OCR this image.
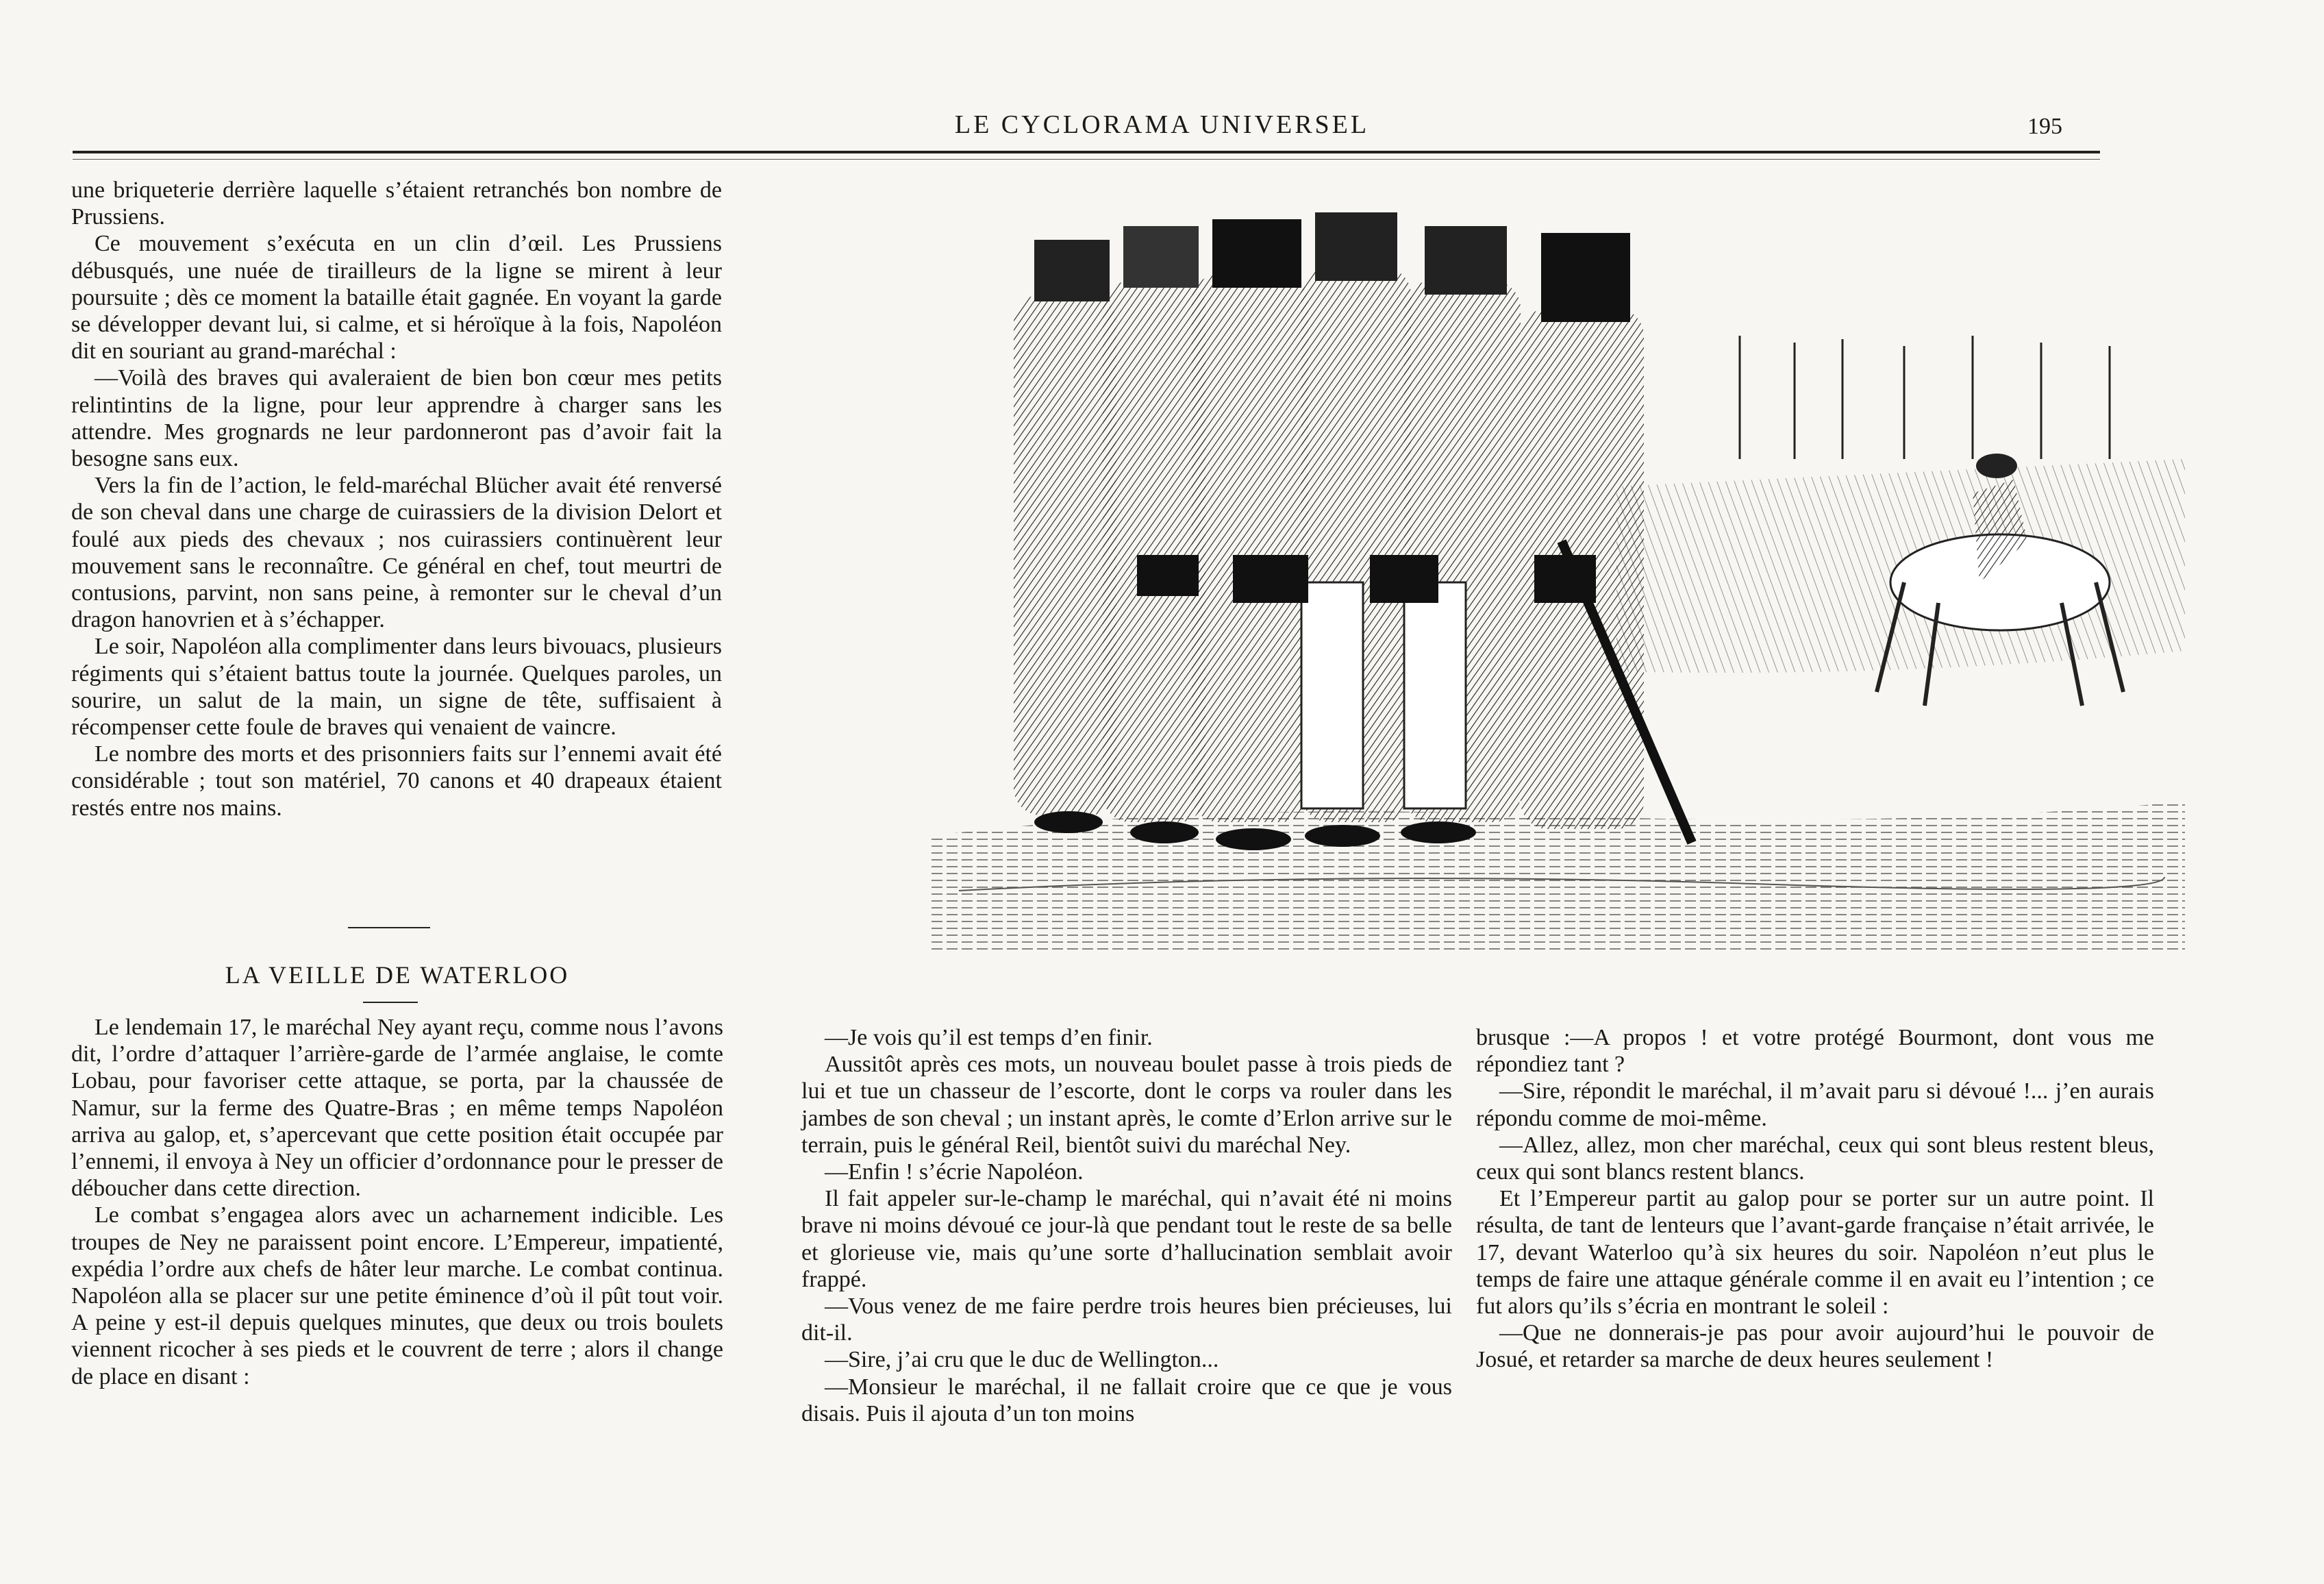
LE CYCLORAMA UNIVERSEL	195

une briqueterie derrière laquelle s’étaient retranchés bon nombre de Prussiens.

Ce mouvement s’exécuta en un clin d’œil. Les Prussiens débusqués, une nuée de tirailleurs de la ligne se mirent à leur poursuite ; dès ce moment la bataille était gagnée. En voyant la garde se développer devant lui, si calme, et si héroïque à la fois, Napoléon dit en souriant au grand-maréchal :

—Voilà des braves qui avaleraient de bien bon cœur mes petits relintintins de la ligne, pour leur apprendre à charger sans les attendre. Mes grognards ne leur pardonneront pas d’avoir fait la besogne sans eux.

Vers la fin de l’action, le feld-maréchal Blücher avait été renversé de son cheval dans une charge de cuirassiers de la division Delort et foulé aux pieds des chevaux ; nos cuirassiers continuèrent leur mouvement sans le reconnaître. Ce général en chef, tout meurtri de contusions, parvint, non sans peine, à remonter sur le cheval d’un dragon hanovrien et à s’échapper.

Le soir, Napoléon alla complimenter dans leurs bivouacs, plusieurs régiments qui s’étaient battus toute la journée. Quelques paroles, un sourire, un salut de la main, un signe de tête, suffisaient à récompenser cette foule de braves qui venaient de vaincre.

Le nombre des morts et des prisonniers faits sur l’ennemi avait été considérable ; tout son matériel, 70 canons et 40 drapeaux étaient restés entre nos mains.

LA VEILLE DE WATERLOO

Le lendemain 17, le maréchal Ney ayant reçu, comme nous l’avons dit, l’ordre d’attaquer l’arrière-garde de l’armée anglaise, le comte Lobau, pour favoriser cette attaque, se porta, par la chaussée de Namur, sur la ferme des Quatre-Bras ; en même temps Napoléon arriva au galop, et, s’apercevant que cette position était occupée par l’ennemi, il envoya à Ney un officier d’ordonnance pour le presser de déboucher dans cette direction.

Le combat s’engagea alors avec un acharnement indicible. Les troupes de Ney ne paraissent point encore. L’Empereur, impatienté, expédia l’ordre aux chefs de hâter leur marche. Le combat continua. Napoléon alla se placer sur une petite éminence d’où il pût tout voir. A peine y est-il depuis quelques minutes, que deux ou trois boulets viennent ricocher à ses pieds et le couvrent de terre ; alors il change de place en disant :

—Je vois qu’il est temps d’en finir.

Aussitôt après ces mots, un nouveau boulet passe à trois pieds de lui et tue un chasseur de l’escorte, dont le corps va rouler dans les jambes de son cheval ; un instant après, le comte d’Erlon arrive sur le terrain, puis le général Reil, bientôt suivi du maréchal Ney.

—Enfin ! s’écrie Napoléon.

Il fait appeler sur-le-champ le maréchal, qui n’avait été ni moins brave ni moins dévoué ce jour-là que pendant tout le reste de sa belle et glorieuse vie, mais qu’une sorte d’hallucination semblait avoir frappé.

—Vous venez de me faire perdre trois heures bien précieuses, lui dit-il.

—Sire, j’ai cru que le duc de Wellington...

—Monsieur le maréchal, il ne fallait croire que ce que je vous disais. Puis il ajouta d’un ton moins

brusque :—A propos ! et votre protégé Bourmont, dont vous me répondiez tant ?

—Sire, répondit le maréchal, il m’avait paru si dévoué !... j’en aurais répondu comme de moi-même.

—Allez, allez, mon cher maréchal, ceux qui sont bleus restent bleus, ceux qui sont blancs restent blancs.

Et l’Empereur partit au galop pour se porter sur un autre point. Il résulta, de tant de lenteurs que l’avant-garde française n’était arrivée, le 17, devant Waterloo qu’à six heures du soir. Napoléon n’eut plus le temps de faire une attaque générale comme il en avait eu l’intention ; ce fut alors qu’ils s’écria en montrant le soleil :

—Que ne donnerais-je pas pour avoir aujourd’hui le pouvoir de Josué, et retarder sa marche de deux heures seulement !
